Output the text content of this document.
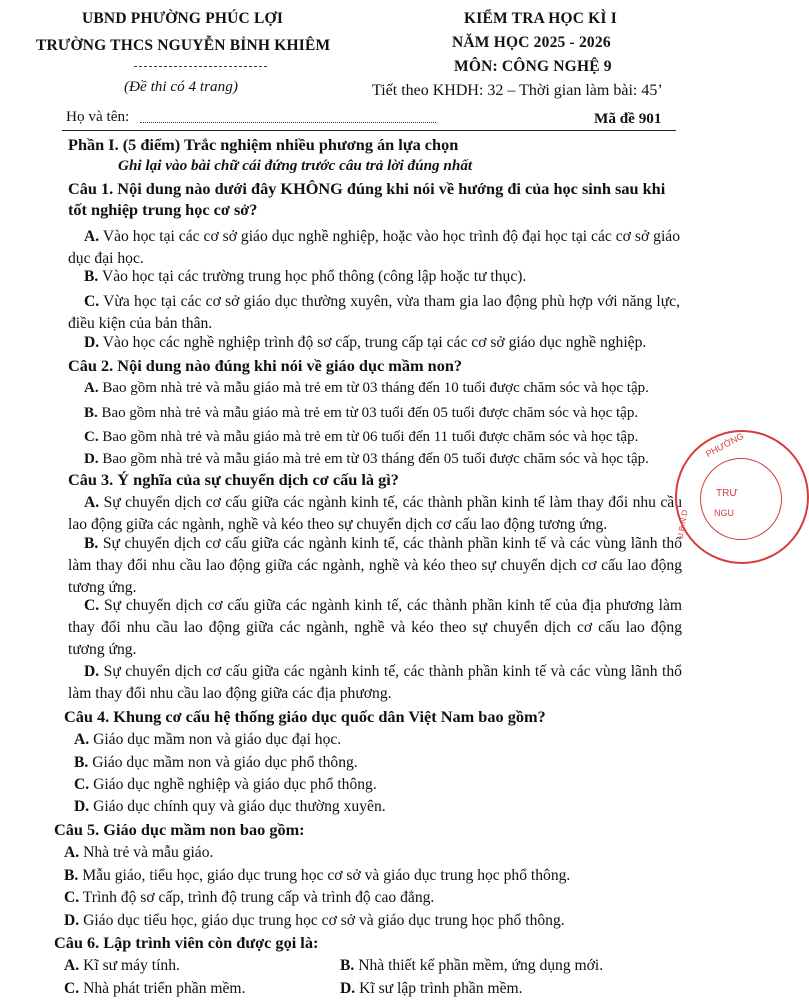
UBND PHƯỜNG PHÚC LỢI
TRƯỜNG THCS NGUYỄN BỈNH KHIÊM
(Đề thi có 4 trang)
KIỂM TRA HỌC KÌ I
NĂM HỌC 2025 - 2026
MÔN: CÔNG NGHỆ 9
Tiết theo KHDH: 32 – Thời gian làm bài: 45’
Họ và tên:	Mã đề 901
Phần I. (5 điểm) Trắc nghiệm nhiều phương án lựa chọn
Ghi lại vào bài chữ cái đứng trước câu trả lời đúng nhất
Câu 1. Nội dung nào dưới đây KHÔNG đúng khi nói về hướng đi của học sinh sau khi tốt nghiệp trung học cơ sở?
A. Vào học tại các cơ sở giáo dục nghề nghiệp, hoặc vào học trình độ đại học tại các cơ sở giáo dục đại học.
B. Vào học tại các trường trung học phổ thông (công lập hoặc tư thục).
C. Vừa học tại các cơ sở giáo dục thường xuyên, vừa tham gia lao động phù hợp với năng lực, điều kiện của bản thân.
D. Vào học các nghề nghiệp trình độ sơ cấp, trung cấp tại các cơ sở giáo dục nghề nghiệp.
Câu 2. Nội dung nào đúng khi nói về giáo dục mầm non?
A. Bao gồm nhà trẻ và mẫu giáo mà trẻ em từ 03 tháng đến 10 tuổi được chăm sóc và học tập.
B. Bao gồm nhà trẻ và mẫu giáo mà trẻ em từ 03 tuổi đến 05 tuổi được chăm sóc và học tập.
C. Bao gồm nhà trẻ và mẫu giáo mà trẻ em từ 06 tuổi đến 11 tuổi được chăm sóc và học tập.
D. Bao gồm nhà trẻ và mẫu giáo mà trẻ em từ 03 tháng đến 05 tuổi được chăm sóc và học tập.
Câu 3. Ý nghĩa của sự chuyển dịch cơ cấu là gì?
A. Sự chuyển dịch cơ cấu giữa các ngành kinh tế, các thành phần kinh tế làm thay đổi nhu cầu lao động giữa các ngành, nghề và kéo theo sự chuyển dịch cơ cấu lao động tương ứng.
B. Sự chuyển dịch cơ cấu giữa các ngành kinh tế, các thành phần kinh tế và các vùng lãnh thổ làm thay đổi nhu cầu lao động giữa các ngành, nghề và kéo theo sự chuyển dịch cơ cấu lao động tương ứng.
C. Sự chuyển dịch cơ cấu giữa các ngành kinh tế, các thành phần kinh tế của địa phương làm thay đổi nhu cầu lao động giữa các ngành, nghề và kéo theo sự chuyển dịch cơ cấu lao động tương ứng.
D. Sự chuyển dịch cơ cấu giữa các ngành kinh tế, các thành phần kinh tế và các vùng lãnh thổ làm thay đổi nhu cầu lao động giữa các địa phương.
Câu 4. Khung cơ cấu hệ thống giáo dục quốc dân Việt Nam bao gồm?
A. Giáo dục mầm non và giáo dục đại học.
B. Giáo dục mầm non và giáo dục phổ thông.
C. Giáo dục nghề nghiệp và giáo dục phổ thông.
D. Giáo dục chính quy và giáo dục thường xuyên.
Câu 5. Giáo dục mầm non bao gồm:
A. Nhà trẻ và mẫu giáo.
B. Mẫu giáo, tiểu học, giáo dục trung học cơ sở và giáo dục trung học phổ thông.
C. Trình độ sơ cấp, trình độ trung cấp và trình độ cao đẳng.
D. Giáo dục tiểu học, giáo dục trung học cơ sở và giáo dục trung học phổ thông.
Câu 6. Lập trình viên còn được gọi là:
A. Kĩ sư máy tính.	B. Nhà thiết kế phần mềm, ứng dụng mới.
C. Nhà phát triển phần mềm.	D. Kĩ sư lập trình phần mềm.
PHƯỜNG
TRƯ
NGU
U.B.N.D
